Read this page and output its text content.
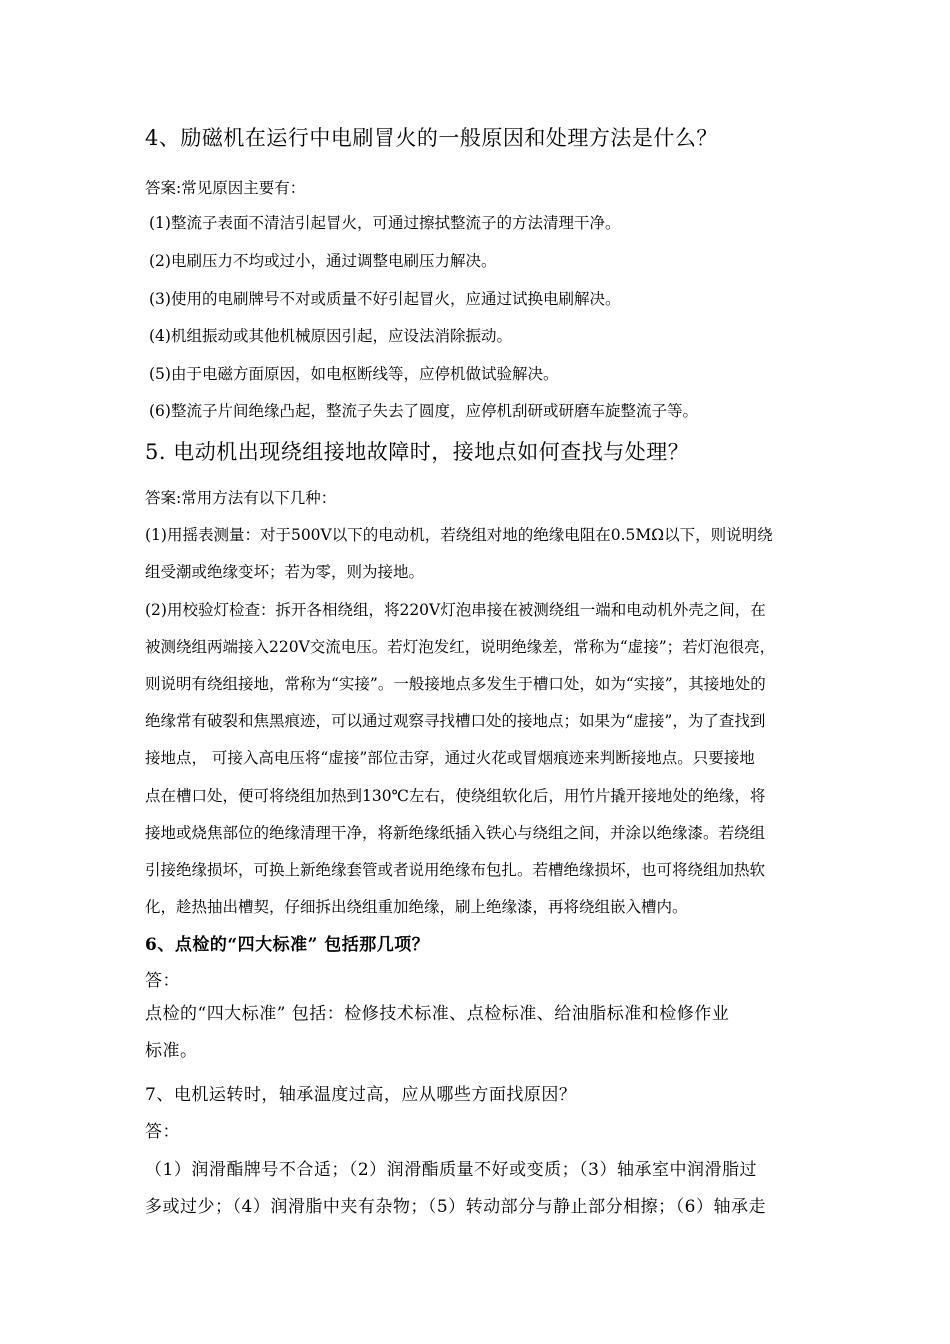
4、励磁机在运行中电刷冒火的一般原因和处理方法是什么？
答案:常见原因主要有：
(1)整流子表面不清洁引起冒火，可通过擦拭整流子的方法清理干净。
(2)电刷压力不均或过小，通过调整电刷压力解决。
(3)使用的电刷牌号不对或质量不好引起冒火，应通过试换电刷解决。
(4)机组振动或其他机械原因引起，应设法消除振动。
(5)由于电磁方面原因，如电枢断线等，应停机做试验解决。
(6)整流子片间绝缘凸起，整流子失去了圆度，应停机刮研或研磨车旋整流子等。
5. 电动机出现绕组接地故障时，接地点如何查找与处理？
答案:常用方法有以下几种：
(1)用摇表测量：对于500V以下的电动机，若绕组对地的绝缘电阻在0.5MΩ以下，则说明绕
组受潮或绝缘变坏；若为零，则为接地。
(2)用校验灯检查：拆开各相绕组，将220V灯泡串接在被测绕组一端和电动机外壳之间，在
被测绕组两端接入220V交流电压。若灯泡发红，说明绝缘差，常称为“虚接”；若灯泡很亮，
则说明有绕组接地，常称为“实接”。一般接地点多发生于槽口处，如为“实接”，其接地处的
绝缘常有破裂和焦黑痕迹，可以通过观察寻找槽口处的接地点；如果为“虚接”，为了查找到
接地点， 可接入高电压将“虚接”部位击穿，通过火花或冒烟痕迹来判断接地点。只要接地
点在槽口处，便可将绕组加热到130℃左右，使绕组软化后，用竹片撬开接地处的绝缘，将
接地或烧焦部位的绝缘清理干净，将新绝缘纸插入铁心与绕组之间，并涂以绝缘漆。若绕组
引接绝缘损坏，可换上新绝缘套管或者说用绝缘布包扎。若槽绝缘损坏，也可将绕组加热软
化，趁热抽出槽契，仔细拆出绕组重加绝缘，刷上绝缘漆，再将绕组嵌入槽内。
6、点检的“四大标准” 包括那几项？
答：
点检的“四大标准” 包括：检修技术标准、点检标准、给油脂标准和检修作业
标准。
7、电机运转时，轴承温度过高，应从哪些方面找原因？
答：
（1）润滑酯牌号不合适；（2）润滑酯质量不好或变质；（3）轴承室中润滑脂过
多或过少；（4）润滑脂中夹有杂物；（5）转动部分与静止部分相擦；（6）轴承走
